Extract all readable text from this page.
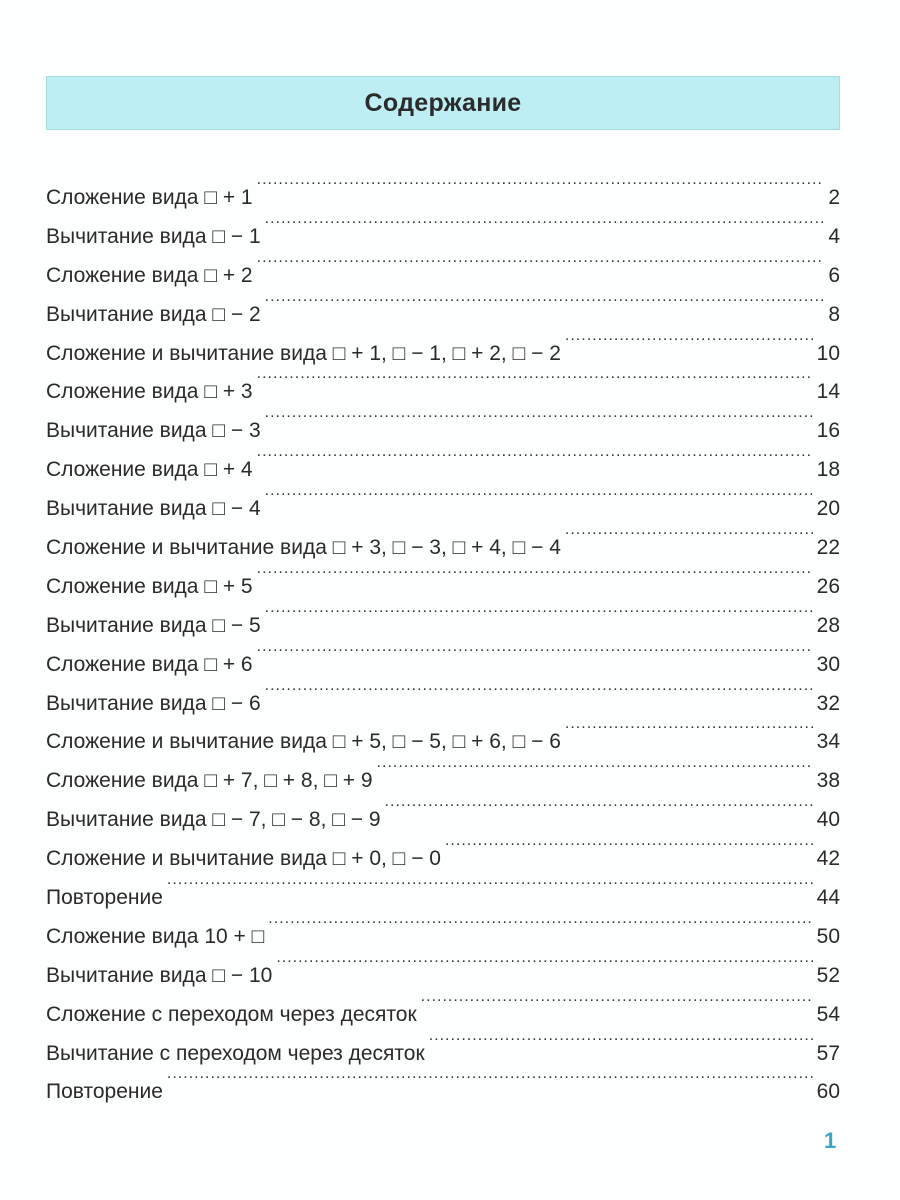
Содержание
Сложение вида □ + 1 .....	2
Вычитание вида □ − 1 .....	4
Сложение вида □ + 2 .....	6
Вычитание вида □ − 2 .....	8
Сложение и вычитание вида □ + 1, □ − 1, □ + 2, □ − 2 .....	10
Сложение вида □ + 3 .....	14
Вычитание вида □ − 3 .....	16
Сложение вида □ + 4 .....	18
Вычитание вида □ − 4 .....	20
Сложение и вычитание вида □ + 3, □ − 3, □ + 4, □ − 4 .....	22
Сложение вида □ + 5 .....	26
Вычитание вида □ − 5 .....	28
Сложение вида □ + 6 .....	30
Вычитание вида □ − 6 .....	32
Сложение и вычитание вида □ + 5, □ − 5, □ + 6, □ − 6 .....	34
Сложение вида □ + 7, □ + 8, □ + 9 .....	38
Вычитание вида □ − 7, □ − 8, □ − 9 .....	40
Сложение и вычитание вида □ + 0, □ − 0 .....	42
Повторение .....	44
Сложение вида 10 + □ .....	50
Вычитание вида □ − 10 .....	52
Сложение с переходом через десяток .....	54
Вычитание с переходом через десяток .....	57
Повторение .....	60
1
